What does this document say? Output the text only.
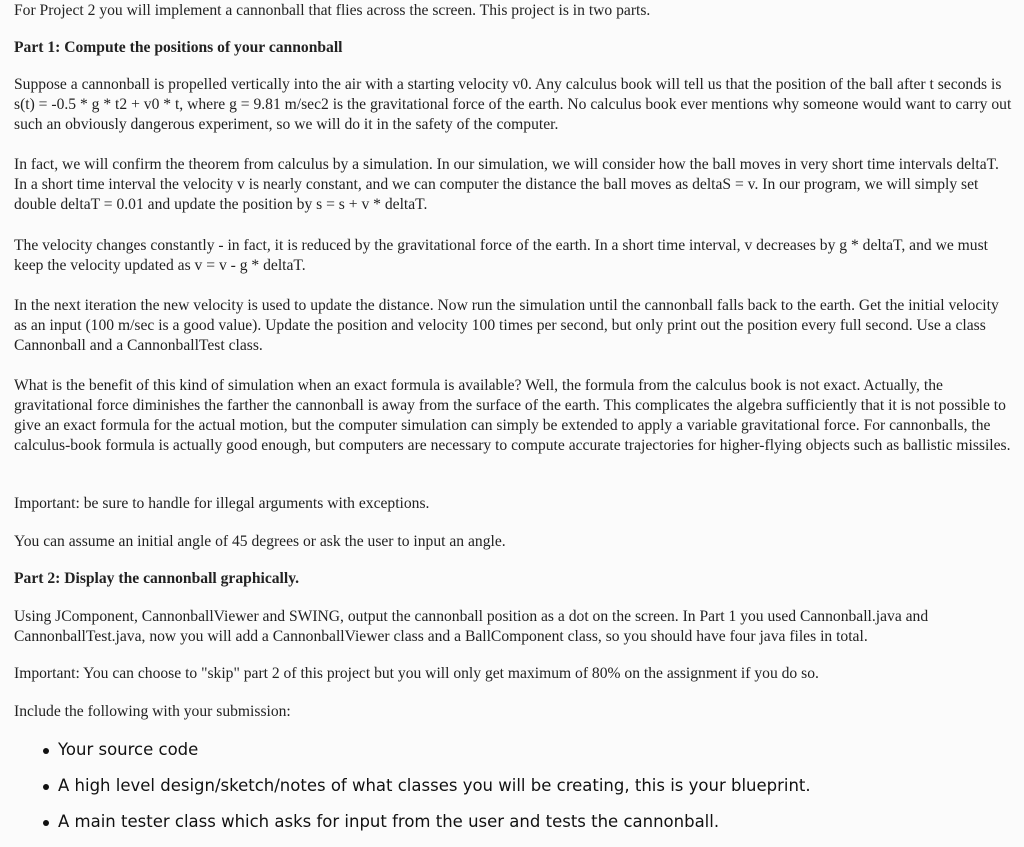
For Project 2 you will implement a cannonball that flies across the screen. This project is in two parts.

Part 1: Compute the positions of your cannonball

Suppose a cannonball is propelled vertically into the air with a starting velocity v0. Any calculus book will tell us that the position of the ball after t seconds is s(t) = -0.5 * g * t2 + v0 * t, where g = 9.81 m/sec2 is the gravitational force of the earth. No calculus book ever mentions why someone would want to carry out such an obviously dangerous experiment, so we will do it in the safety of the computer.

In fact, we will confirm the theorem from calculus by a simulation. In our simulation, we will consider how the ball moves in very short time intervals deltaT. In a short time interval the velocity v is nearly constant, and we can computer the distance the ball moves as deltaS = v. In our program, we will simply set double deltaT = 0.01 and update the position by s = s + v * deltaT.

The velocity changes constantly - in fact, it is reduced by the gravitational force of the earth. In a short time interval, v decreases by g * deltaT, and we must keep the velocity updated as v = v - g * deltaT.

In the next iteration the new velocity is used to update the distance. Now run the simulation until the cannonball falls back to the earth. Get the initial velocity as an input (100 m/sec is a good value). Update the position and velocity 100 times per second, but only print out the position every full second. Use a class Cannonball and a CannonballTest class.

What is the benefit of this kind of simulation when an exact formula is available? Well, the formula from the calculus book is not exact. Actually, the gravitational force diminishes the farther the cannonball is away from the surface of the earth. This complicates the algebra sufficiently that it is not possible to give an exact formula for the actual motion, but the computer simulation can simply be extended to apply a variable gravitational force. For cannonballs, the calculus-book formula is actually good enough, but computers are necessary to compute accurate trajectories for higher-flying objects such as ballistic missiles.

Important: be sure to handle for illegal arguments with exceptions.

You can assume an initial angle of 45 degrees or ask the user to input an angle.

Part 2: Display the cannonball graphically.

Using JComponent, CannonballViewer and SWING, output the cannonball position as a dot on the screen. In Part 1 you used Cannonball.java and CannonballTest.java, now you will add a CannonballViewer class and a BallComponent class, so you should have four java files in total.

Important: You can choose to "skip" part 2 of this project but you will only get maximum of 80% on the assignment if you do so.

Include the following with your submission:

Your source code
A high level design/sketch/notes of what classes you will be creating, this is your blueprint.
A main tester class which asks for input from the user and tests the cannonball.
